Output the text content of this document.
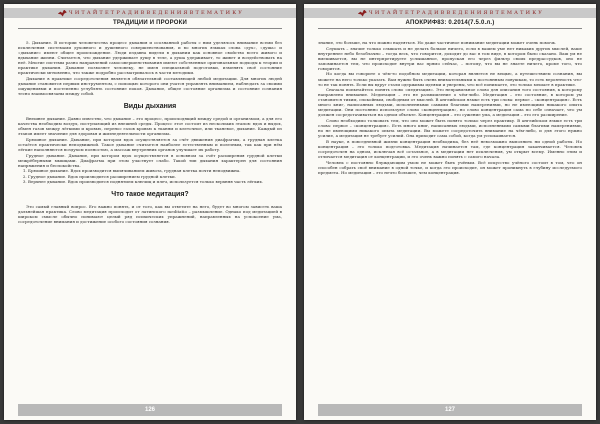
Ч И Т А Й Т Е Т Р А Д И В В Е Д Е Н И Я В Т Е М А Т И К У
ТРАДИЦИИ И ПРОРОКИ

5. Дыхание. В истории человечества процесс дыхания и осознанной работы с ним уделялось внимание всеми без исключения системами духовного и душевного совершенствования, и во многих языках слова «дух», «душа» и «дыхание» имеют общее происхождение. Люди издавна видели в дыхании как основное свойство всего живого и вдыхание жизни. Считается, что дыхание удерживает душу в теле, а душа удерживает, то живет и воздействовать на неё. Многие системы разно направлений самосовершенствования имеют собственные оригинальные подходы к теории и практике дыхания. Дыхание позволяет человеку, не имея специальной подготовки, изменять своё состояние практически мгновенно, что также подробно рассматривалось в части методики.

Дыхание в практике сосредоточения является обязательной составляющей любой медитации. Для многих людей дыхание становится первым инструментом, с помощью которого они учатся управлять вниманием, наблюдать за своими ощущениями и постепенно углублять состояние покоя. Дыхание, общее состояние организма и состояние сознания тесно взаимосвязаны между собой.

Виды дыхания

Внешнее дыхание. Давно известно, что дыхание – это процесс, происходящий между средой и организмом, а для его качества необходим воздух, поступающий из внешней среды. Процесс этот состоит из нескольких этапов: вдох и выдох, обмен газов между лёгкими и кровью, перенос газов кровью к тканям и клеточное, или тканевое, дыхание. Каждый из этапов имеет значение для здоровья и жизнедеятельности организма.

Брюшное дыхание. Дыхание, при котором вдох осуществляется за счёт движения диафрагмы, а грудная клетка остаётся практически неподвижной. Такое дыхание считается наиболее естественным и полезным, так как при нём лёгкие наполняются воздухом полностью, а массаж внутренних органов улучшает их работу.

Грудное дыхание. Дыхание, при котором вдох осуществляется в основном за счёт расширения грудной клетки межрёберными мышцами. Диафрагма при этом участвует слабо. Такой тип дыхания характерен для состояния напряжения и беспокойства.

1. Брюшное дыхание. Вдох производится выпячиванием живота, грудная клетка почти неподвижна.
2. Грудное дыхание. Вдох производится расширением грудной клетки.
3. Верхнее дыхание. Вдох производится поднятием ключиц и плеч, используется только верхняя часть лёгких.
Что такое медитация?

Это самый главный вопрос. Его важно понять, и от того, как вы ответите на него, будет во многом зависеть ваша дальнейшая практика. Слово медитация происходит от латинского meditatio – размышление. Однако под медитацией в широком смысле обычно понимают целый ряд психических упражнений, направленных на успокоение ума, сосредоточение внимания и достижение особого состояния сознания.

126
Ч И Т А Й Т Е Т Р А Д И В В Е Д Е Н И Я В Т Е М А Т И К У
АПОКРИФ83: 0.2014(7.5.0.л.)

знание, это больше, на что можно надеяться. Но даже частичное понимание медитации может очень помочь.

Слушать – значит только слышать и не делать больше ничего, если в вашем уме нет никаких других мыслей, ваше внутреннее небо безоблачно – тогда весь, что говорится, доходит до вас в том виде, в котором было сказано. Ваш ум не вмешивается, вы не интерпретируете услышанное, пропуская его через фильтр своих предрассудков, оно не запоминается тем, что происходит внутри вас прямо сейчас, – потому, что вы не знаете ничего, кроме того, что говорится.

Но когда вы говорите о чём-то подобном медитации, которая является не вещью, а путешествием сознания, вы можете на него только указать. Вам нужно быть очень внимательными к постоянным ловушкам, то есть вероятность что-то не так понять. Если вы вдруг стали одержимы идеями и уверены, что всё понимаете, это только мешает в практике.

Сначала попытайтесь понять слово «медитация». Это неправильное слово для описания того состояния, к которому направлено внимание. Медитация – это не размышление о чём-либо. Медитация – это состояние, в котором ум становится тихим, спокойным, свободным от мыслей. В английском языке есть три слова: первое – «концентрация». Есть много книг, написанных людьми, исполненными самыми благими намерениями, но не имеющими никакого опыта медитации. Они постоянно используют слово «концентрация», но слово концентрация сама по себе означает, что ум должен сосредотачиваться на одном объекте. Концентрация – это сужение ума, а медитация – это его расширение.

Слово необходимо толковать тем, что оно может быть понято только через практику. В английском языке есть три слова: первое – «концентрация». Есть много книг, написанных людьми, исполненными самыми благими намерениями, но не имеющими никакого опыта медитации. Вы можете сосредоточить внимание на чём-либо, и для этого нужно усилие, а медитация не требует усилий. Она приходит сама собой, когда ум успокаивается.

В науке, в повседневной жизни концентрация необходима, без неё невозможно выполнить ни одной работы. Но концентрация – это только подготовка. Медитация начинается там, где концентрация заканчивается. Человек сосредоточен на одном, исключая всё остальное, а в медитации нет исключения, ум открыт всему. Именно этим и отличается медитация от концентрации, и это очень важно понять с самого начала.

Человек с постоянно блуждающим умом не может быть учёным. Всё искусство учёного состоит в том, что он способен собрать своё внимание в одной точке, и когда это происходит, он может проникнуть в глубину исследуемого предмета. Но медитация – это нечто большее, чем концентрация.

127
